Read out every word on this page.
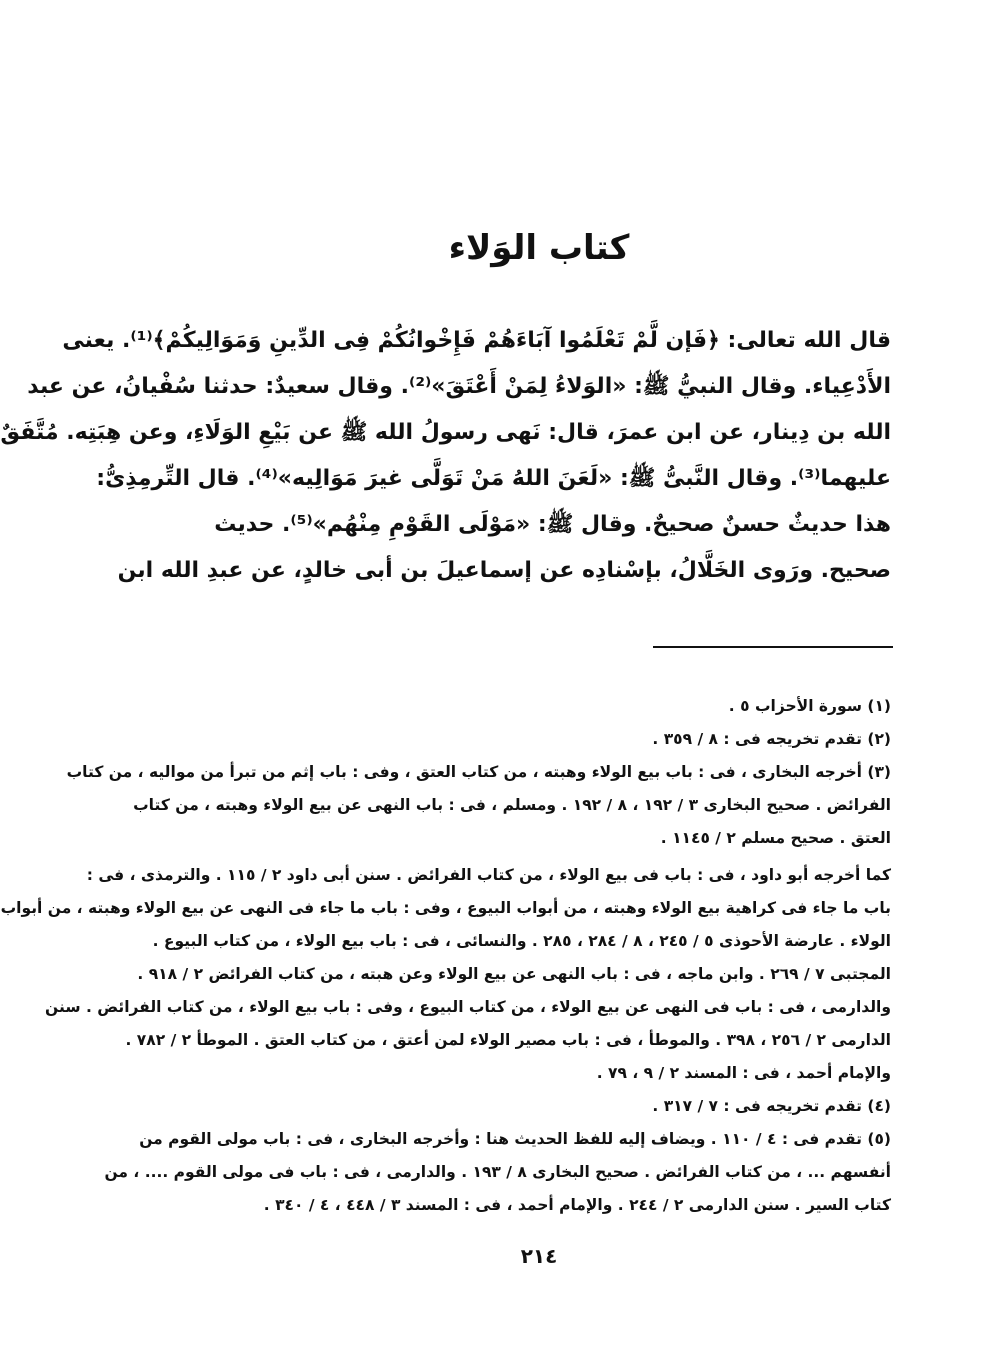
كتاب الوَلاء
قال الله تعالى: ﴿فَإن لَّمْ تَعْلَمُوا آبَاءَهُمْ فَإِخْوانُكُمْ فِى الدِّينِ وَمَوَالِيكُمْ﴾⁽¹⁾. يعنى
الأَدْعِياء. وقال النبيُّ ﷺ: «الوَلاءُ لِمَنْ أَعْتَقَ»⁽²⁾. وقال سعيدٌ: حدثنا سُفْيانُ، عن عبد
الله بن دِينار، عن ابن عمرَ، قال: نَهى رسولُ الله ﷺ عن بَيْعِ الوَلَاءِ، وعن هِبَتِه. مُتَّفَقٌ
عليهما⁽³⁾. وقال النَّبىُّ ﷺ: «لَعَنَ اللهُ مَنْ تَوَلَّى غيرَ مَوَالِيه»⁽⁴⁾. قال التِّرمِذِىُّ:
هذا حديثٌ حسنٌ صحيحٌ. وقال ﷺ: «مَوْلَى القَوْمِ مِنْهُم»⁽⁵⁾. حديث
صحيح. ورَوى الخَلَّالُ، بإسْنادِه عن إسماعيلَ بن أبى خالدٍ، عن عبدِ الله ابن
(١) سورة الأحزاب ٥ .
(٢) تقدم تخريجه فى : ٨ / ٣٥٩ .
(٣) أخرجه البخارى ، فى : باب بيع الولاء وهبته ، من كتاب العتق ، وفى : باب إثم من تبرأ من مواليه ، من كتاب
الفرائض . صحيح البخارى ٣ / ١٩٢ ، ٨ / ١٩٢ . ومسلم ، فى : باب النهى عن بيع الولاء وهبته ، من كتاب
العتق . صحيح مسلم ٢ / ١١٤٥ .
كما أخرجه أبو داود ، فى : باب فى بيع الولاء ، من كتاب الفرائض . سنن أبى داود ٢ / ١١٥ . والترمذى ، فى :
باب ما جاء فى كراهية بيع الولاء وهبته ، من أبواب البيوع ، وفى : باب ما جاء فى النهى عن بيع الولاء وهبته ، من أبواب
الولاء . عارضة الأحوذى ٥ / ٢٤٥ ، ٨ / ٢٨٤ ، ٢٨٥ . والنسائى ، فى : باب بيع الولاء ، من كتاب البيوع .
المجتبى ٧ / ٢٦٩ . وابن ماجه ، فى : باب النهى عن بيع الولاء وعن هبته ، من كتاب الفرائض ٢ / ٩١٨ .
والدارمى ، فى : باب فى النهى عن بيع الولاء ، من كتاب البيوع ، وفى : باب بيع الولاء ، من كتاب الفرائض . سنن
الدارمى ٢ / ٢٥٦ ، ٣٩٨ . والموطأ ، فى : باب مصير الولاء لمن أعتق ، من كتاب العتق . الموطأ ٢ / ٧٨٢ .
والإمام أحمد ، فى : المسند ٢ / ٩ ، ٧٩ .
(٤) تقدم تخريجه فى : ٧ / ٣١٧ .
(٥) تقدم فى : ٤ / ١١٠ . ويضاف إليه للفظ الحديث هنا : وأخرجه البخارى ، فى : باب مولى القوم من
أنفسهم ... ، من كتاب الفرائض . صحيح البخارى ٨ / ١٩٣ . والدارمى ، فى : باب فى مولى القوم .... ، من
كتاب السير . سنن الدارمى ٢ / ٢٤٤ . والإمام أحمد ، فى : المسند ٣ / ٤٤٨ ، ٤ / ٣٤٠ .
٢١٤
